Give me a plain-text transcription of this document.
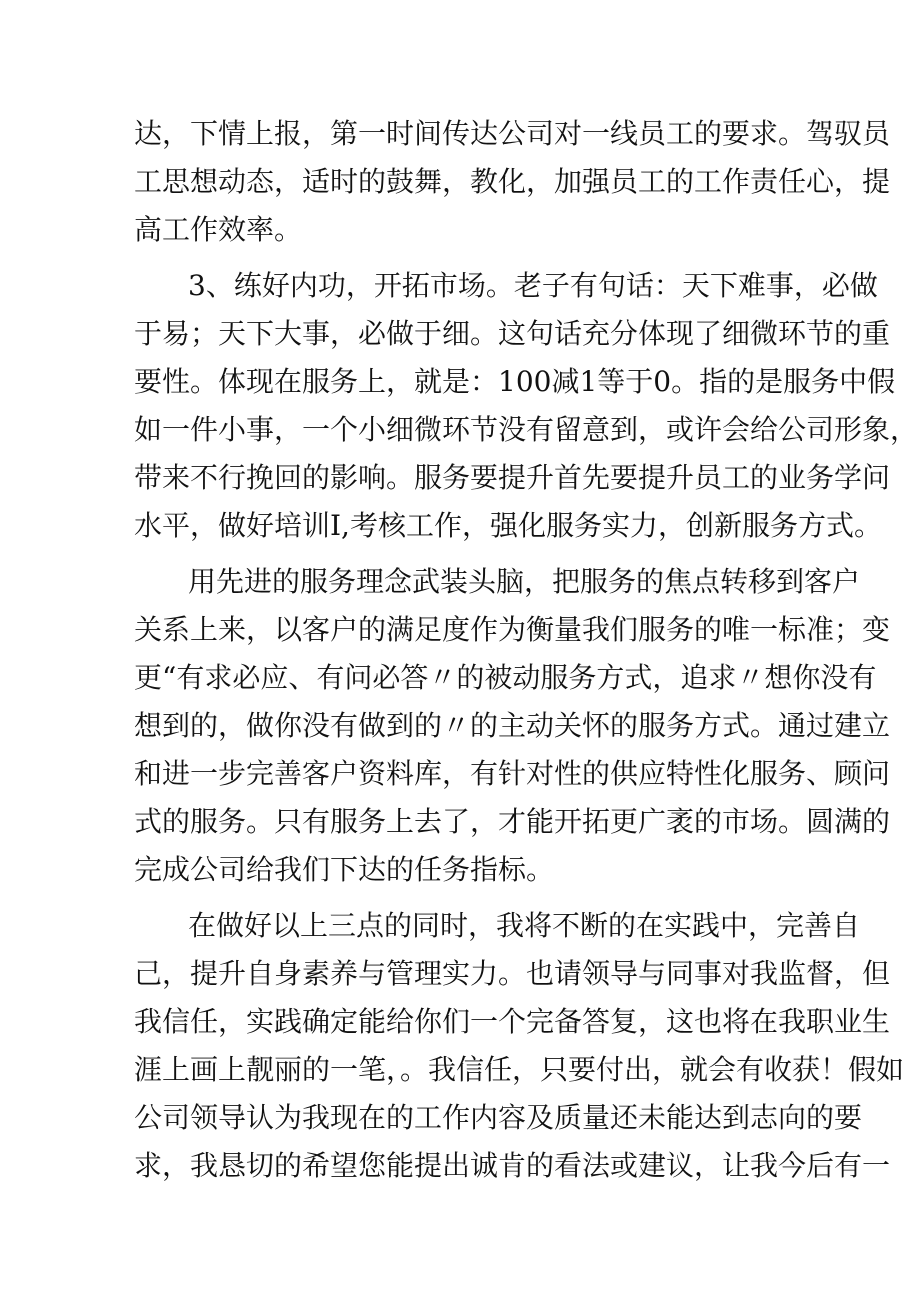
达，下情上报，第一时间传达公司对一线员工的要求。驾驭员
工思想动态，适时的鼓舞，教化，加强员工的工作责任心，提
高工作效率。
3、练好内功，开拓市场。老子有句话：天下难事，必做
于易；天下大事，必做于细。这句话充分体现了细微环节的重
要性。体现在服务上，就是：100减1等于0。指的是服务中假
如一件小事，一个小细微环节没有留意到，或许会给公司形象，
带来不行挽回的影响。服务要提升首先要提升员工的业务学问
水平，做好培训I,考核工作，强化服务实力，创新服务方式。
用先进的服务理念武装头脑，把服务的焦点转移到客户
关系上来，以客户的满足度作为衡量我们服务的唯一标准；变
更“有求必应、有问必答〃的被动服务方式，追求〃想你没有
想到的，做你没有做到的〃的主动关怀的服务方式。通过建立
和进一步完善客户资料库，有针对性的供应特性化服务、顾问
式的服务。只有服务上去了，才能开拓更广袤的市场。圆满的
完成公司给我们下达的任务指标。
在做好以上三点的同时，我将不断的在实践中，完善自
己，提升自身素养与管理实力。也请领导与同事对我监督，但
我信任，实践确定能给你们一个完备答复，这也将在我职业生
涯上画上靓丽的一笔，。我信任，只要付出，就会有收获！假如
公司领导认为我现在的工作内容及质量还未能达到志向的要
求，我恳切的希望您能提出诚肯的看法或建议，让我今后有一
